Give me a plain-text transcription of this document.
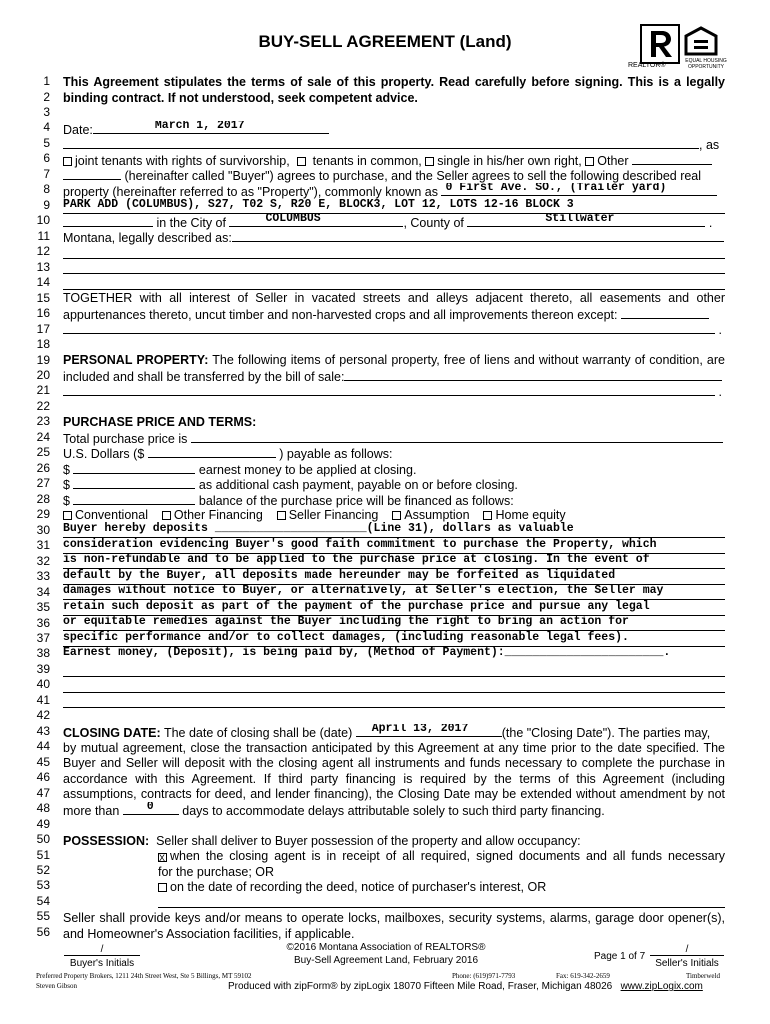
BUY-SELL AGREEMENT (Land)
REALTOR®
EQUAL HOUSING OPPORTUNITY
1
2
3
4
5
6
7
8
9
10
11
12
13
14
15
16
17
18
19
20
21
22
23
24
25
26
27
28
29
30
31
32
33
34
35
36
37
38
39
40
41
42
43
44
45
46
47
48
49
50
51
52
53
54
55
56
This Agreement stipulates the terms of sale of this property. Read carefully before signing. This is a legally
binding contract. If not understood, seek competent advice.
Date:	March 1, 2017
, as
joint tenants with rights of survivorship, tenants in common, single in his/her own right, Other
(hereinafter called "Buyer") agrees to purchase, and the Seller agrees to sell the following described real
property (hereinafter referred to as "Property"), commonly known as 0 First Ave. SO., (Trailer yard)
PARK ADD (COLUMBUS), S27, T02 S, R20 E, BLOCK3, LOT 12, LOTS 12-16 BLOCK 3
in the City of	COLUMBUS	, County of	Stillwater	.
Montana, legally described as:
TOGETHER with all interest of Seller in vacated streets and alleys adjacent thereto, all easements and other
appurtenances thereto, uncut timber and non-harvested crops and all improvements thereon except:
.
PERSONAL PROPERTY: The following items of personal property, free of liens and without warranty of condition, are
included and shall be transferred by the bill of sale:
.
PURCHASE PRICE AND TERMS:
Total purchase price is
U.S. Dollars ($	) payable as follows:
$	earnest money to be applied at closing.
$	as additional cash payment, payable on or before closing.
$	balance of the purchase price will be financed as follows:
Conventional Other Financing Seller Financing Assumption Home equity
Buyer hereby deposits ______________________(Line 31), dollars as valuable
consideration evidencing Buyer's good faith commitment to purchase the Property, which
is non-refundable and to be applied to the purchase price at closing. In the event of
default by the Buyer, all deposits made hereunder may be forfeited as liquidated
damages without notice to Buyer, or alternatively, at Seller's election, the Seller may
retain such deposit as part of the payment of the purchase price and pursue any legal
or equitable remedies against the Buyer including the right to bring an action for
specific performance and/or to collect damages, (including reasonable legal fees).
Earnest money, (Deposit), is being paid by, (Method of Payment):_______________________.
CLOSING DATE: The date of closing shall be (date) April 13, 2017	(the "Closing Date"). The parties may,
by mutual agreement, close the transaction anticipated by this Agreement at any time prior to the date specified. The
Buyer and Seller will deposit with the closing agent all instruments and funds necessary to complete the purchase in
accordance with this Agreement. If third party financing is required by the terms of this Agreement (including
assumptions, contracts for deed, and lender financing), the Closing Date may be extended without amendment by not
more than 0 days to accommodate delays attributable solely to such third party financing.
POSSESSION: Seller shall deliver to Buyer possession of the property and allow occupancy:
X when the closing agent is in receipt of all required, signed documents and all funds necessary
for the purchase; OR
on the date of recording the deed, notice of purchaser's interest, OR
Seller shall provide keys and/or means to operate locks, mailboxes, security systems, alarms, garage door opener(s),
and Homeowner's Association facilities, if applicable.
©2016 Montana Association of REALTORS®
Buy-Sell Agreement Land, February 2016
/
Buyer's Initials
Page 1 of 7
/
Seller's Initials
Preferred Property Brokers, 1211 24th Street West, Ste 5 Billings, MT 59102
Steven Gibson
Phone: (619)971-7793	Fax: 619-342-2659	Timberweld
Produced with zipForm® by zipLogix 18070 Fifteen Mile Road, Fraser, Michigan 48026 www.zipLogix.com
